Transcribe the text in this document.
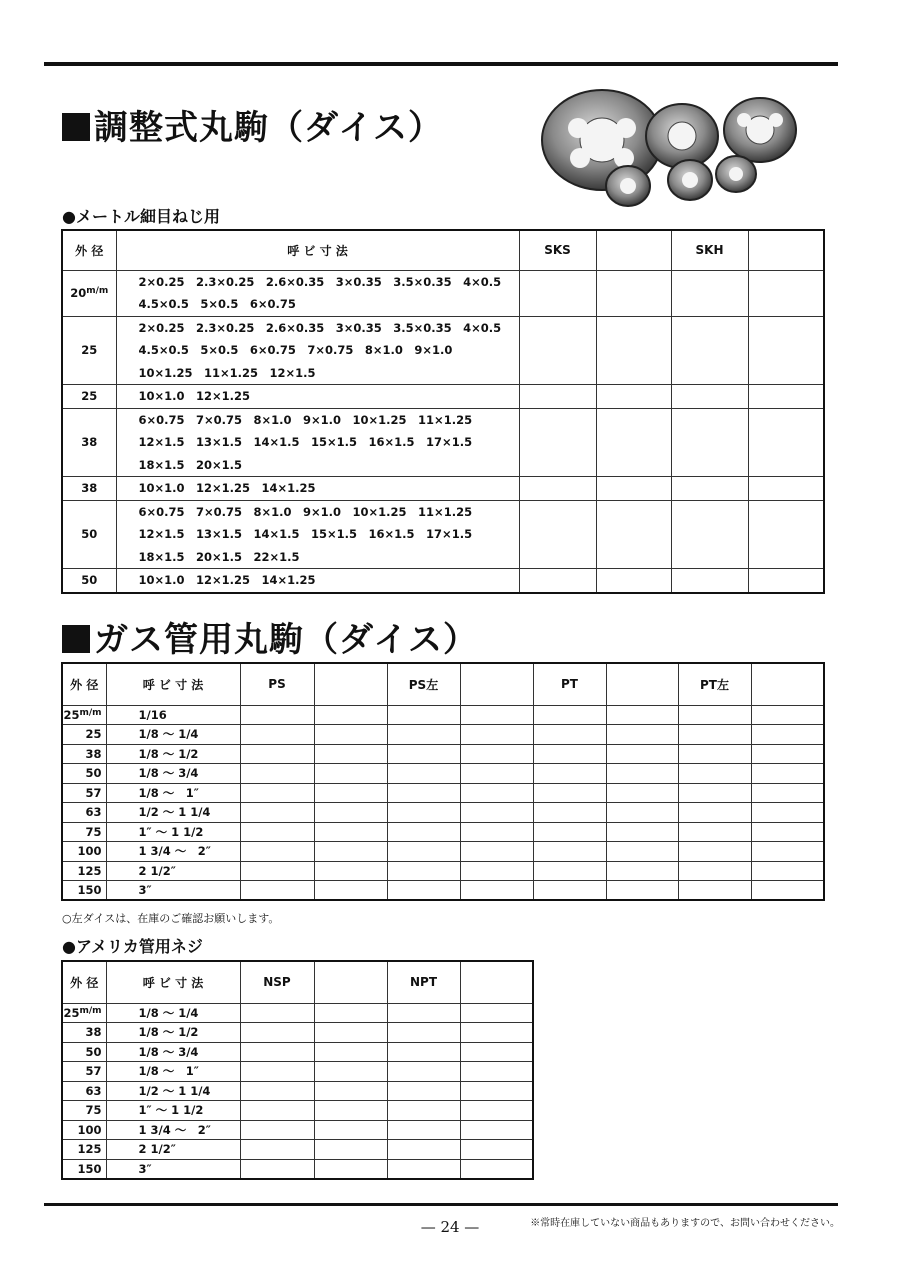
調整式丸駒（ダイス）
●メートル細目ねじ用
外 径	呼 ビ 寸 法	SKS		SKH	
$20^{m/m}$	2×0.25　2.3×0.25　2.6×0.35　3×0.35　3.5×0.35　4×0.5
4.5×0.5　5×0.5　6×0.75				

25	2×0.25　2.3×0.25　2.6×0.35　3×0.35　3.5×0.35　4×0.5
4.5×0.5　5×0.5　6×0.75　7×0.75　8×1.0　9×1.0
10×1.25　11×1.25　12×1.5				

25	10×1.0　12×1.25				

38	6×0.75　7×0.75　8×1.0　9×1.0　10×1.25　11×1.25
12×1.5　13×1.5　14×1.5　15×1.5　16×1.5　17×1.5
18×1.5　20×1.5				

38	10×1.0　12×1.25　14×1.25				

50	6×0.75　7×0.75　8×1.0　9×1.0　10×1.25　11×1.25
12×1.5　13×1.5　14×1.5　15×1.5　16×1.5　17×1.5
18×1.5　20×1.5　22×1.5				

50	10×1.0　12×1.25　14×1.25				

ガス管用丸駒（ダイス）
外 径	呼 ビ 寸 法	PS		PS左		PT		PT左	
$25^{m/m}$	1/16								
25	1/8 ～ 1/4								
38	1/8 ～ 1/2								
50	1/8 ～ 3/4								
57	1/8 ～　1″								
63	1/2 ～ 1 1/4								
75	1″ ～ 1 1/2								
100	1 3/4 ～　2″								
125	2 1/2″								
150	3″								
○左ダイスは、在庫のご確認お願いします。
●アメリカ管用ネジ
外 径	呼 ビ 寸 法	NSP		NPT	
$25^{m/m}$	1/8 ～ 1/4				
38	1/8 ～ 1/2				
50	1/8 ～ 3/4				
57	1/8 ～　1″				
63	1/2 ～ 1 1/4				
75	1″ ～ 1 1/2				
100	1 3/4 ～　2″				
125	2 1/2″				
150	3″				
— 24 —	※常時在庫していない商品もありますので、お問い合わせください。
